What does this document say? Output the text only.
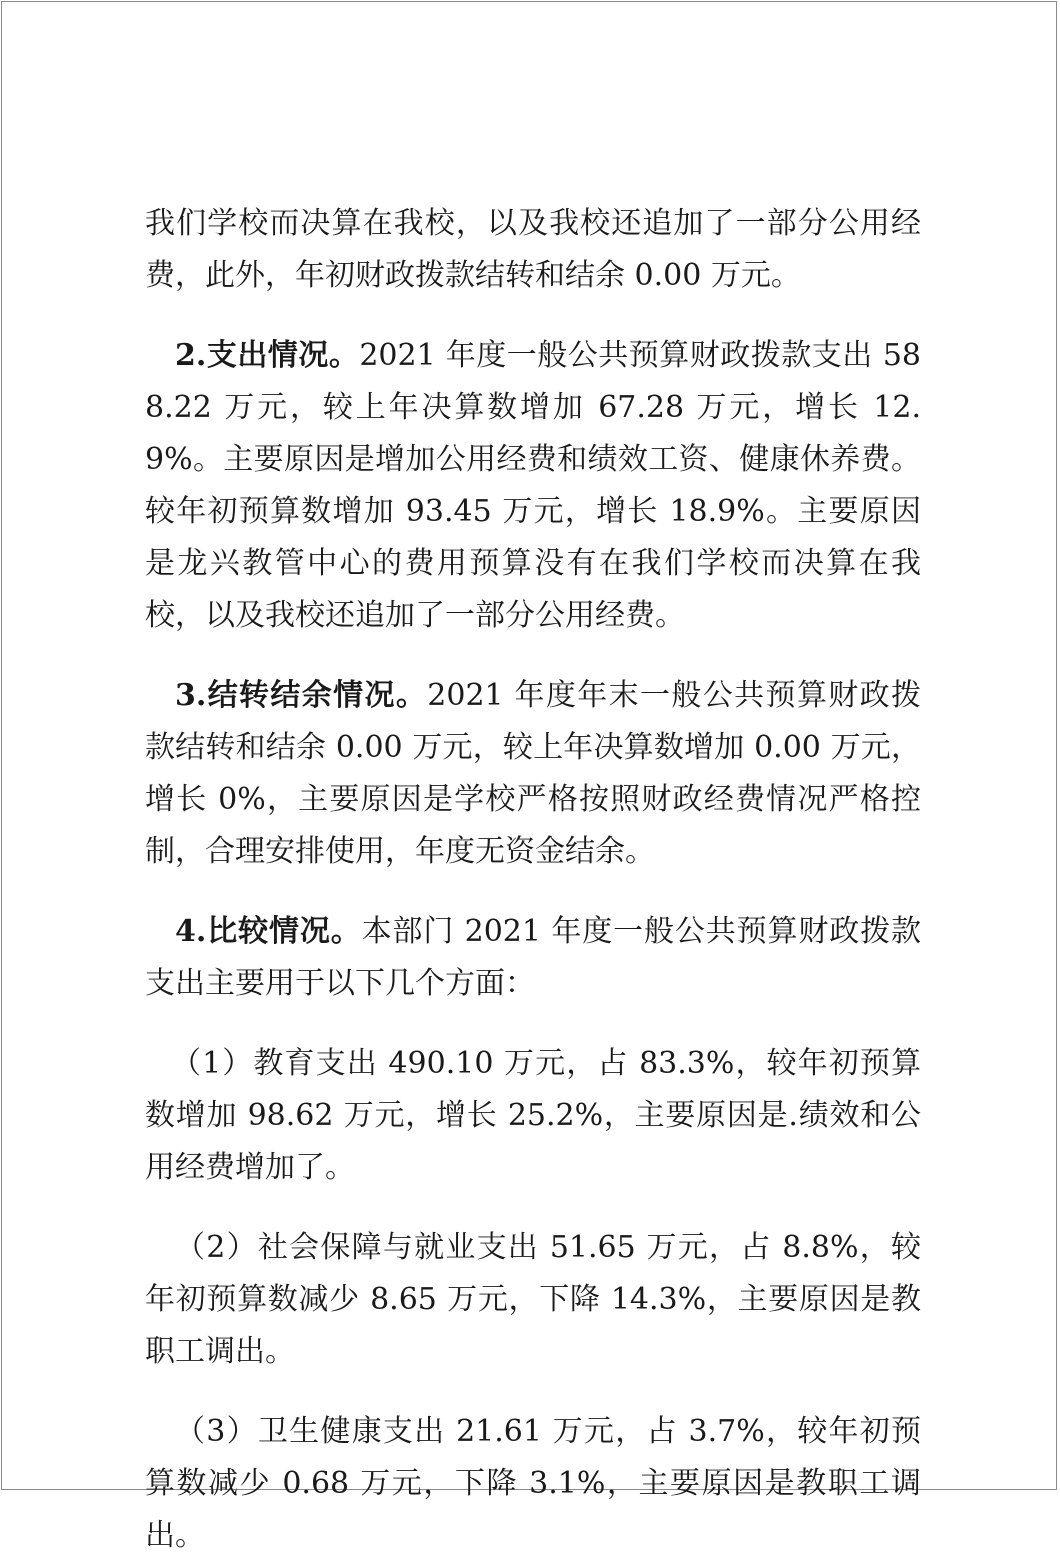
我们学校而决算在我校，以及我校还追加了一部分公用经费，此外，年初财政拨款结转和结余 0.00 万元。

2.支出情况。2021 年度一般公共预算财政拨款支出 588.22 万元，较上年决算数增加 67.28 万元，增长 12.9%。主要原因是增加公用经费和绩效工资、健康休养费。较年初预算数增加 93.45 万元，增长 18.9%。主要原因是龙兴教管中心的费用预算没有在我们学校而决算在我校，以及我校还追加了一部分公用经费。

3.结转结余情况。2021 年度年末一般公共预算财政拨款结转和结余 0.00 万元，较上年决算数增加 0.00 万元，增长 0%，主要原因是学校严格按照财政经费情况严格控制，合理安排使用，年度无资金结余。

4.比较情况。本部门 2021 年度一般公共预算财政拨款支出主要用于以下几个方面：

（1）教育支出 490.10 万元，占 83.3%，较年初预算数增加 98.62 万元，增长 25.2%，主要原因是.绩效和公用经费增加了。

（2）社会保障与就业支出 51.65 万元，占 8.8%，较年初预算数减少 8.65 万元，下降 14.3%，主要原因是教职工调出。

（3）卫生健康支出 21.61 万元，占 3.7%，较年初预算数减少 0.68 万元，下降 3.1%，主要原因是教职工调出。
